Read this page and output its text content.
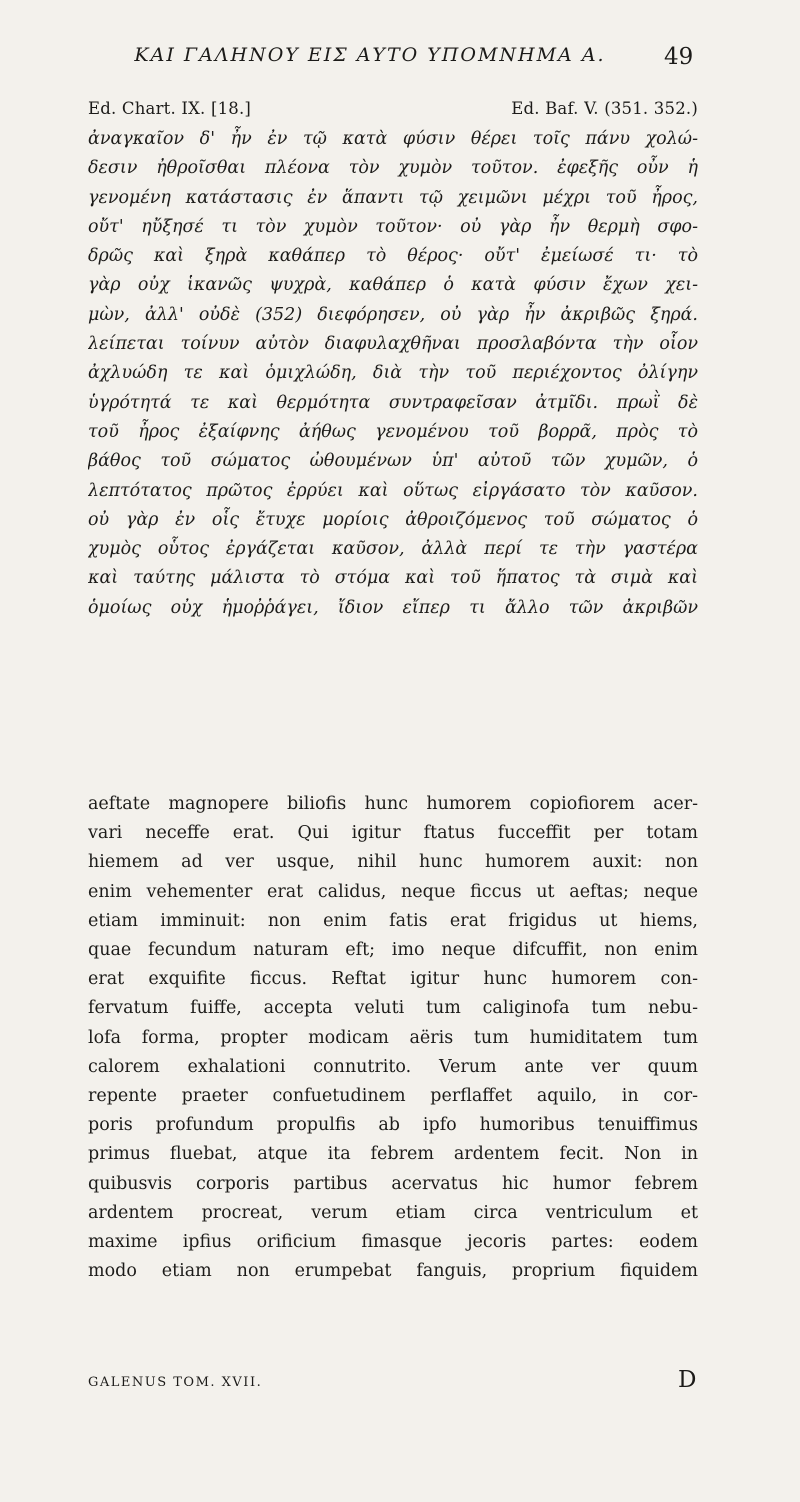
ΚΑΙ ΓΑΛΗΝΟΥ ΕΙΣ ΑΥΤΟ ΥΠΟΜΝΗΜΑ Α.	49
Ed. Chart. IX. [18.]	Ed. Baf. V. (351. 352.)
ἀναγκαῖον δ' ἦν ἐν τῷ κατὰ φύσιν θέρει τοῖς πάνυ χολώ-
δεσιν ἠθροῖσθαι πλέονα τὸν χυμὸν τοῦτον. ἐφεξῆς οὖν ἡ
γενομένη κατάστασις ἐν ἅπαντι τῷ χειμῶνι μέχρι τοῦ ἦρος,
οὔτ' ηὔξησέ τι τὸν χυμὸν τοῦτον· οὐ γὰρ ἦν θερμὴ σφο-
δρῶς καὶ ξηρὰ καθάπερ τὸ θέρος· οὔτ' ἐμείωσέ τι· τὸ
γὰρ οὐχ ἱκανῶς ψυχρὰ, καθάπερ ὁ κατὰ φύσιν ἔχων χει-
μὼν, ἀλλ' οὐδὲ (352) διεφόρησεν, οὐ γὰρ ἦν ἀκριβῶς ξηρά.
λείπεται τοίνυν αὐτὸν διαφυλαχθῆναι προσλαβόντα τὴν οἷον
ἀχλυώδη τε καὶ ὁμιχλώδη, διὰ τὴν τοῦ περιέχοντος ὀλίγην
ὑγρότητά τε καὶ θερμότητα συντραφεῖσαν ἀτμῖδι. πρωῒ δὲ
τοῦ ἦρος ἐξαίφνης ἀήθως γενομένου τοῦ βορρᾶ, πρὸς τὸ
βάθος τοῦ σώματος ὠθουμένων ὑπ' αὐτοῦ τῶν χυμῶν, ὁ
λεπτότατος πρῶτος ἐρρύει καὶ οὕτως εἰργάσατο τὸν καῦσον.
οὐ γὰρ ἐν οἷς ἔτυχε μορίοις ἀθροιζόμενος τοῦ σώματος ὁ
χυμὸς οὗτος ἐργάζεται καῦσον, ἀλλὰ περί τε τὴν γαστέρα
καὶ ταύτης μάλιστα τὸ στόμα καὶ τοῦ ἥπατος τὰ σιμὰ καὶ
ὁμοίως οὐχ ἡμοῤῥάγει, ἴδιον εἴπερ τι ἄλλο τῶν ἀκριβῶν
aeftate magnopere biliofis hunc humorem copiofiorem acer-
vari neceffe erat. Qui igitur ftatus fucceffit per totam
hiemem ad ver usque, nihil hunc humorem auxit: non
enim vehementer erat calidus, neque ficcus ut aeftas; neque
etiam imminuit: non enim fatis erat frigidus ut hiems,
quae fecundum naturam eft; imo neque difcuffit, non enim
erat exquifite ficcus. Reftat igitur hunc humorem con-
fervatum fuiffe, accepta veluti tum caliginofa tum nebu-
lofa forma, propter modicam aëris tum humiditatem tum
calorem exhalationi connutrito. Verum ante ver quum
repente praeter confuetudinem perflaffet aquilo, in cor-
poris profundum propulfis ab ipfo humoribus tenuiffimus
primus fluebat, atque ita febrem ardentem fecit. Non in
quibusvis corporis partibus acervatus hic humor febrem
ardentem procreat, verum etiam circa ventriculum et
maxime ipfius orificium fimasque jecoris partes: eodem
modo etiam non erumpebat fanguis, proprium fiquidem
GALENUS TOM. XVII.	D
